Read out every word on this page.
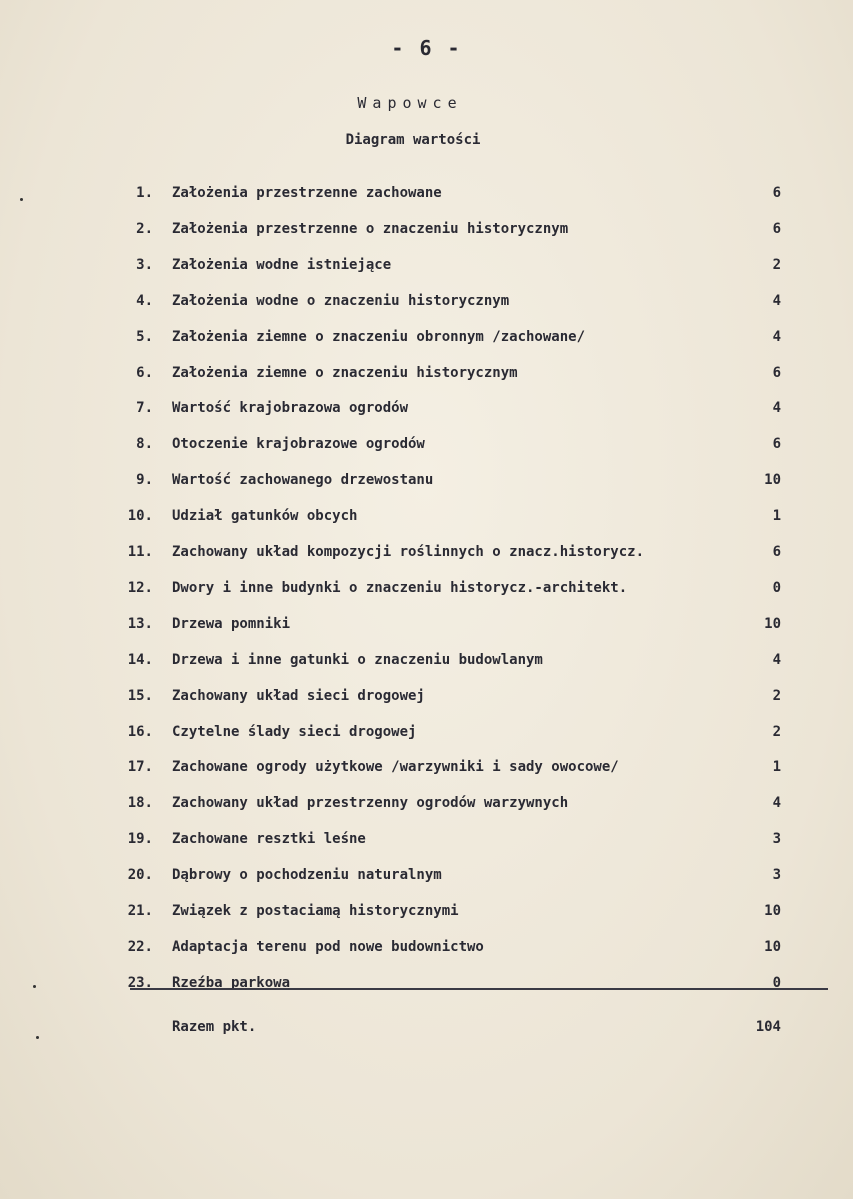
- 6 -
Wapowce
Diagram wartości
1. Założenia przestrzenne zachowane	6
2. Założenia przestrzenne o znaczeniu historycznym	6
3. Założenia wodne istniejące	2
4. Założenia wodne o znaczeniu historycznym	4
5. Założenia ziemne o znaczeniu obronnym /zachowane/	4
6. Założenia ziemne o znaczeniu historycznym	6
7. Wartość krajobrazowa ogrodów	4
8. Otoczenie krajobrazowe ogrodów	6
9. Wartość zachowanego drzewostanu	10
10. Udział gatunków obcych	1
11. Zachowany układ kompozycji roślinnych o znacz.historycz.	6
12. Dwory i inne budynki o znaczeniu historycz.-architekt.	0
13. Drzewa pomniki	10
14. Drzewa i inne gatunki o znaczeniu budowlanym	4
15. Zachowany układ sieci drogowej	2
16. Czytelne ślady sieci drogowej	2
17. Zachowane ogrody użytkowe /warzywniki i sady owocowe/	1
18. Zachowany układ przestrzenny ogrodów warzywnych	4
19. Zachowane resztki leśne	3
20. Dąbrowy o pochodzeniu naturalnym	3
21. Związek z postaciamą historycznymi	10
22. Adaptacja terenu pod nowe budownictwo	10
23. Rzeźba parkowa	0
Razem pkt.	104
